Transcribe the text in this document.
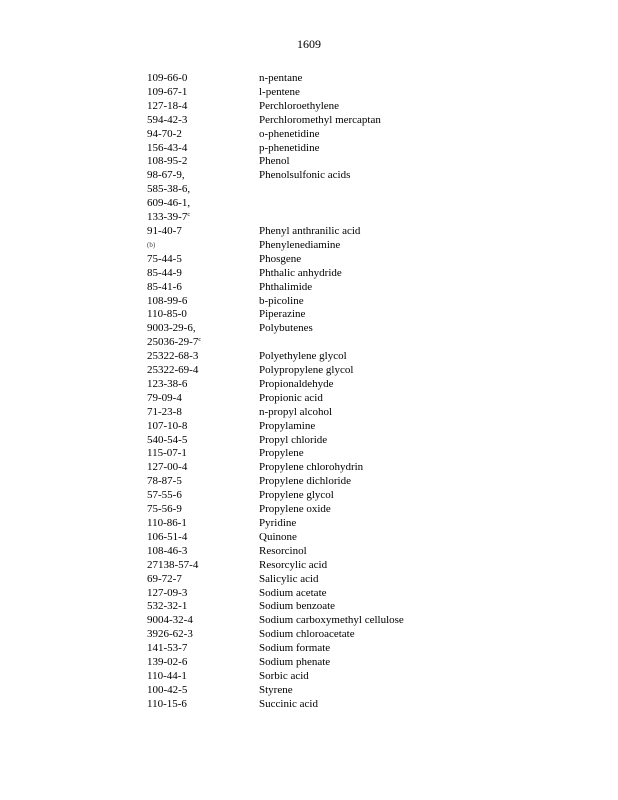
1609
109-66-0	n-pentane
109-67-1	l-pentene
127-18-4	Perchloroethylene
594-42-3	Perchloromethyl mercaptan
94-70-2	o-phenetidine
156-43-4	p-phenetidine
108-95-2	Phenol
98-67-9,	Phenolsulfonic acids
585-38-6,
609-46-1,
133-39-7$^c$
91-40-7	Phenyl anthranilic acid
(b)	Phenylenediamine
75-44-5	Phosgene
85-44-9	Phthalic anhydride
85-41-6	Phthalimide
108-99-6	b-picoline
110-85-0	Piperazine
9003-29-6,	Polybutenes
25036-29-7$^c$
25322-68-3	Polyethylene glycol
25322-69-4	Polypropylene glycol
123-38-6	Propionaldehyde
79-09-4	Propionic acid
71-23-8	n-propyl alcohol
107-10-8	Propylamine
540-54-5	Propyl chloride
115-07-1	Propylene
127-00-4	Propylene chlorohydrin
78-87-5	Propylene dichloride
57-55-6	Propylene glycol
75-56-9	Propylene oxide
110-86-1	Pyridine
106-51-4	Quinone
108-46-3	Resorcinol
27138-57-4	Resorcylic acid
69-72-7	Salicylic acid
127-09-3	Sodium acetate
532-32-1	Sodium benzoate
9004-32-4	Sodium carboxymethyl cellulose
3926-62-3	Sodium chloroacetate
141-53-7	Sodium formate
139-02-6	Sodium phenate
110-44-1	Sorbic acid
100-42-5	Styrene
110-15-6	Succinic acid
